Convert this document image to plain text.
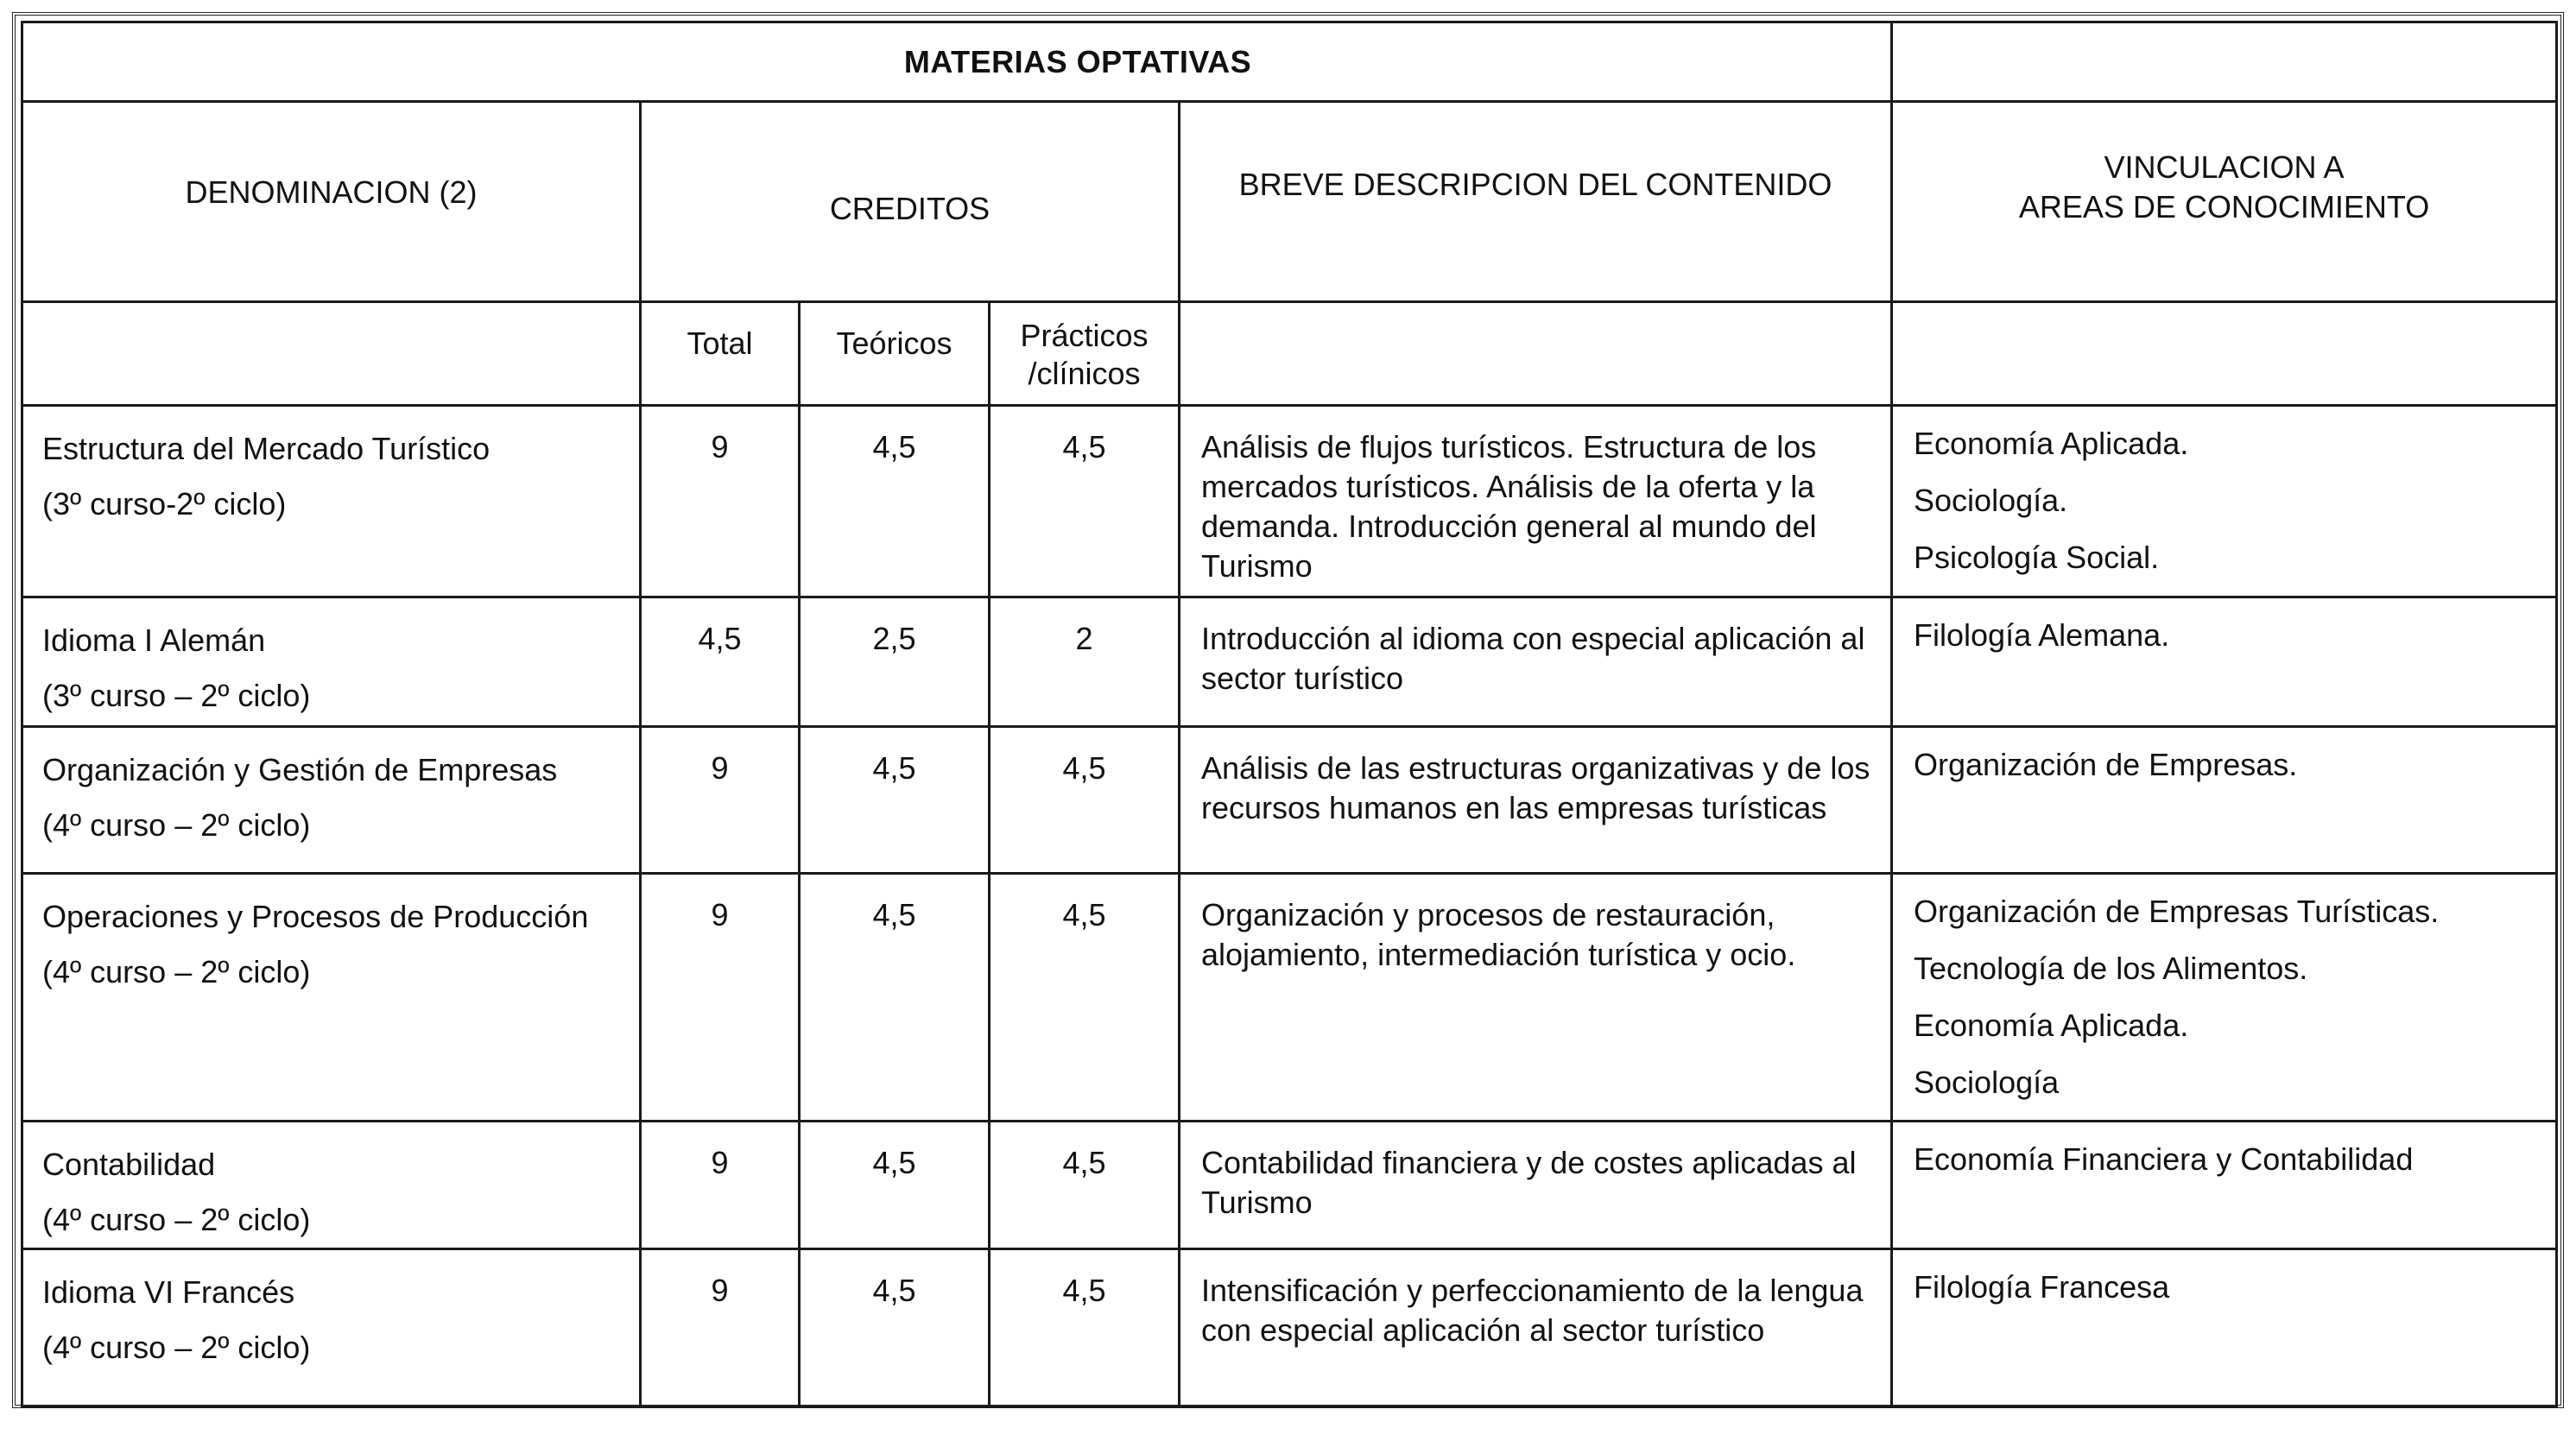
MATERIAS OPTATIVAS					
DENOMINACION (2)	CREDITOS			BREVE DESCRIPCION DEL CONTENIDO	VINCULACION A
AREAS DE CONOCIMIENTO
	Total	Teóricos	Prácticos
/clínicos		

Estructura del Mercado Turístico
(3º curso-2º ciclo)	9	4,5	4,5	Análisis de flujos turísticos. Estructura de los mercados turísticos. Análisis de la oferta y la demanda. Introducción general al mundo del Turismo	Economía Aplicada.
Sociología.
Psicología Social.

Idioma I Alemán
(3º curso – 2º ciclo)	4,5	2,5	2	Introducción al idioma con especial aplicación al sector turístico	Filología Alemana.

Organización y Gestión de Empresas
(4º curso – 2º ciclo)	9	4,5	4,5	Análisis de las estructuras organizativas y de los recursos humanos en las empresas turísticas	Organización de Empresas.

Operaciones y Procesos de Producción
(4º curso – 2º ciclo)	9	4,5	4,5	Organización y procesos de restauración, alojamiento, intermediación turística y ocio.	Organización de Empresas Turísticas.
Tecnología de los Alimentos.
Economía Aplicada.
Sociología

Contabilidad
(4º curso – 2º ciclo)	9	4,5	4,5	Contabilidad financiera y de costes aplicadas al Turismo	Economía Financiera y Contabilidad

Idioma VI Francés
(4º curso – 2º ciclo)	9	4,5	4,5	Intensificación y perfeccionamiento de la lengua con especial aplicación al sector turístico	Filología Francesa
